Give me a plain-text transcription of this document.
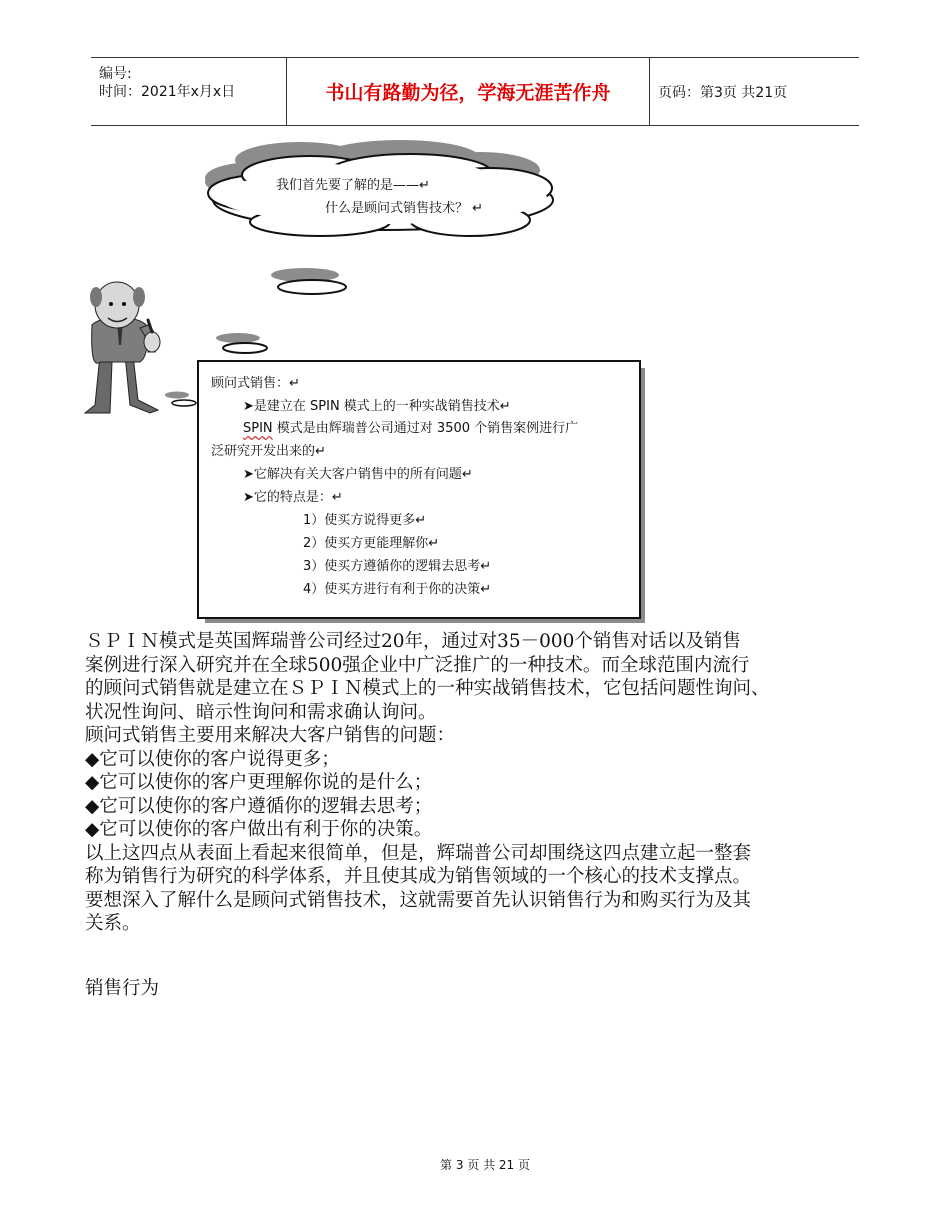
编号:
时间：2021年x月x日	书山有路勤为径，学海无涯苦作舟	页码：第3页 共21页
我们首先要了解的是——↵
什么是顾问式销售技术？ ↵
顾问式销售：↵
➤是建立在 SPIN 模式上的一种实战销售技术↵
SPIN 模式是由辉瑞普公司通过对 3500 个销售案例进行广
泛研究开发出来的↵
➤它解决有关大客户销售中的所有问题↵
➤它的特点是：↵
1）使买方说得更多↵
2）使买方更能理解你↵
3）使买方遵循你的逻辑去思考↵
4）使买方进行有利于你的决策↵
ＳＰＩＮ模式是英国辉瑞普公司经过20年，通过对35－000个销售对话以及销售
案例进行深入研究并在全球500强企业中广泛推广的一种技术。而全球范围内流行
的顾问式销售就是建立在ＳＰＩＮ模式上的一种实战销售技术，它包括问题性询问、
状况性询问、暗示性询问和需求确认询问。
顾问式销售主要用来解决大客户销售的问题：
◆它可以使你的客户说得更多；
◆它可以使你的客户更理解你说的是什么；
◆它可以使你的客户遵循你的逻辑去思考；
◆它可以使你的客户做出有利于你的决策。
以上这四点从表面上看起来很简单，但是，辉瑞普公司却围绕这四点建立起一整套
称为销售行为研究的科学体系，并且使其成为销售领域的一个核心的技术支撑点。
要想深入了解什么是顾问式销售技术，这就需要首先认识销售行为和购买行为及其
关系。
销售行为
第 3 页 共 21 页
